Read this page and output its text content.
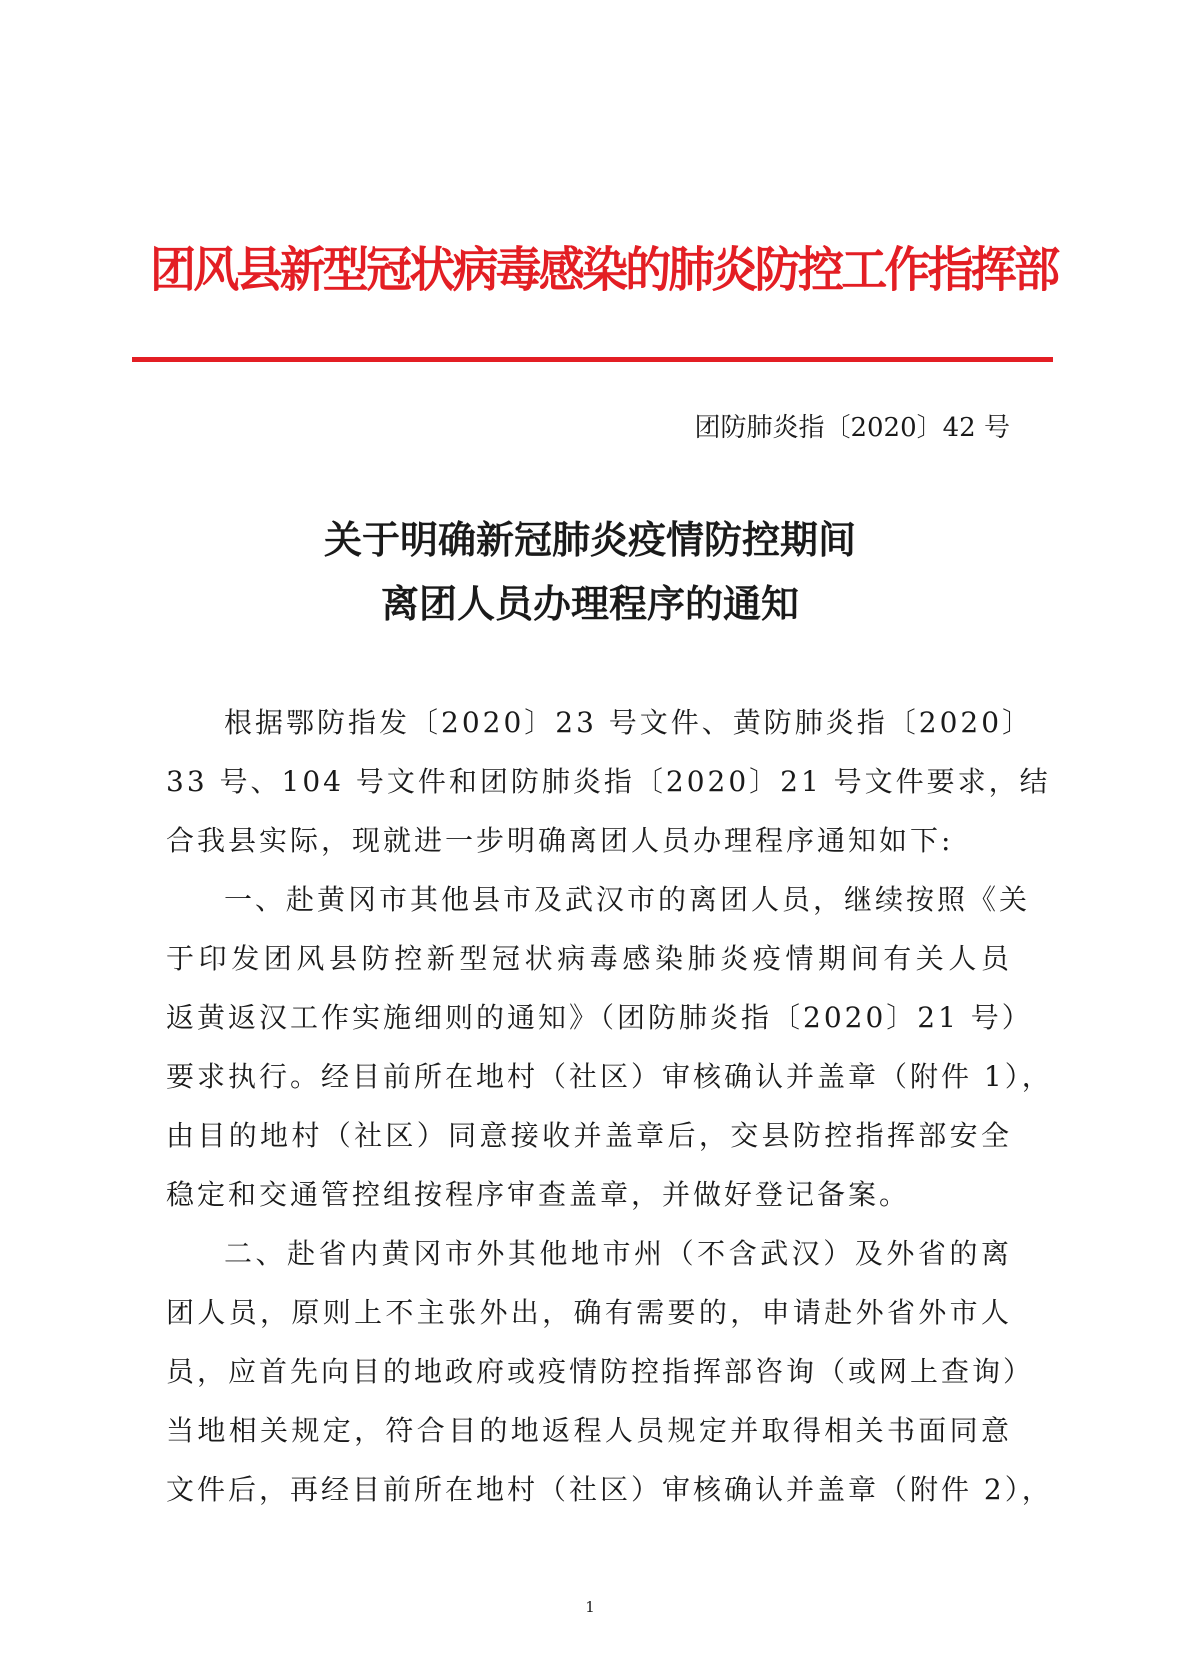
团风县新型冠状病毒感染的肺炎防控工作指挥部
团防肺炎指〔2020〕42 号
关于明确新冠肺炎疫情防控期间
离团人员办理程序的通知
根据鄂防指发〔2020〕23 号文件、黄防肺炎指〔2020〕
33 号、104 号文件和团防肺炎指〔2020〕21 号文件要求，结
合我县实际，现就进一步明确离团人员办理程序通知如下:
一、赴黄冈市其他县市及武汉市的离团人员，继续按照《关
于印发团风县防控新型冠状病毒感染肺炎疫情期间有关人员
返黄返汉工作实施细则的通知》（团防肺炎指〔2020〕21 号）
要求执行。经目前所在地村（社区）审核确认并盖章（附件 1），
由目的地村（社区）同意接收并盖章后，交县防控指挥部安全
稳定和交通管控组按程序审查盖章，并做好登记备案。
二、赴省内黄冈市外其他地市州（不含武汉）及外省的离
团人员，原则上不主张外出，确有需要的，申请赴外省外市人
员，应首先向目的地政府或疫情防控指挥部咨询（或网上查询）
当地相关规定，符合目的地返程人员规定并取得相关书面同意
文件后，再经目前所在地村（社区）审核确认并盖章（附件 2），
1
